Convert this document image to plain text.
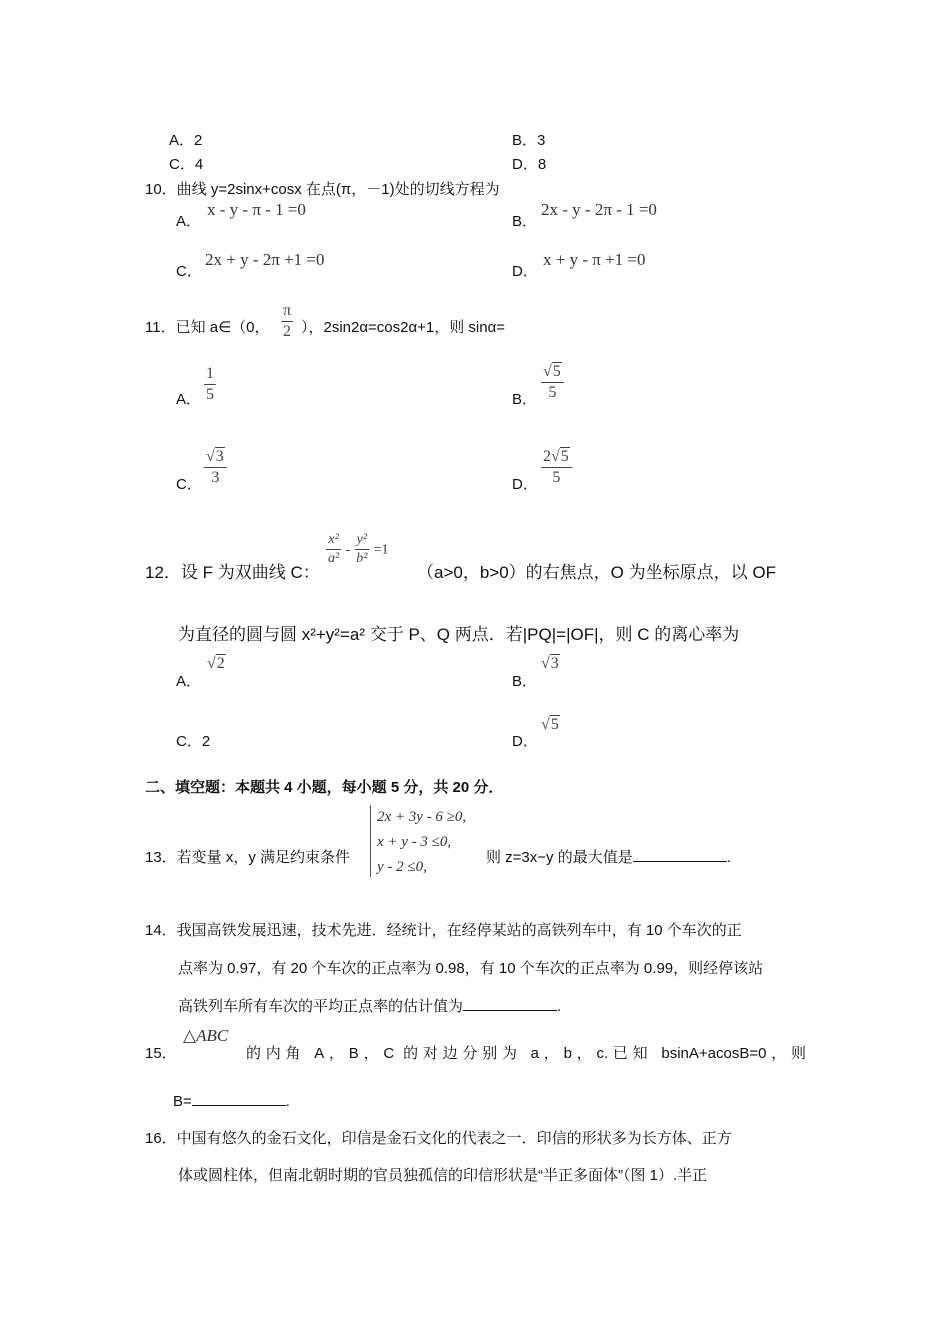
A．2	B．3
C．4	D．8
10．曲线 y=2sinx+cosx 在点(π，－1)处的切线方程为
A．
x - y - π - 1 =0
B．
2x - y - 2π - 1 =0
C．
2x + y - 2π +1 =0
D．
x + y - π +1 =0
11．已知 a∈（0， $\frac{\pi}{2}$ ），2sin2α=cos2α+1，则 sinα=
A． $\frac{1}{5}$	B． $\frac{√5}{5}$
C． $\frac{√3}{3}$	D． $\frac{2√5}{5}$
12．设 F 为双曲线 C：
$\frac{\text{x²}}{\text{a²}} - \frac{\text{y²}}{\text{b²}} =1$
（a>0，b>0）的右焦点，O 为坐标原点，以 OF
为直径的圆与圆 x²+y²=a² 交于 P、Q 两点．若|PQ|=|OF|，则 C 的离心率为
A．
√2
B．
√3
C．2	D．
√5
二、填空题：本题共 4 小题，每小题 5 分，共 20 分．
13．若变量 x，y 满足约束条件
2x + 3y - 6 ≥0,
x + y - 3 ≤0,
y - 2 ≤0,
则 z=3x−y 的最大值是	.
14．我国高铁发展迅速，技术先进．经统计，在经停某站的高铁列车中，有 10 个车次的正
点率为 0.97，有 20 个车次的正点率为 0.98，有 10 个车次的正点率为 0.99，则经停该站
高铁列车所有车次的平均正点率的估计值为	.
15．
△ABC
的内角 A，B，C 的对边分别为 a，b，c.已知 bsinA+acosB=0，则
B=	.
16．中国有悠久的金石文化，印信是金石文化的代表之一．印信的形状多为长方体、正方
体或圆柱体，但南北朝时期的官员独孤信的印信形状是“半正多面体”（图 1）.半正
